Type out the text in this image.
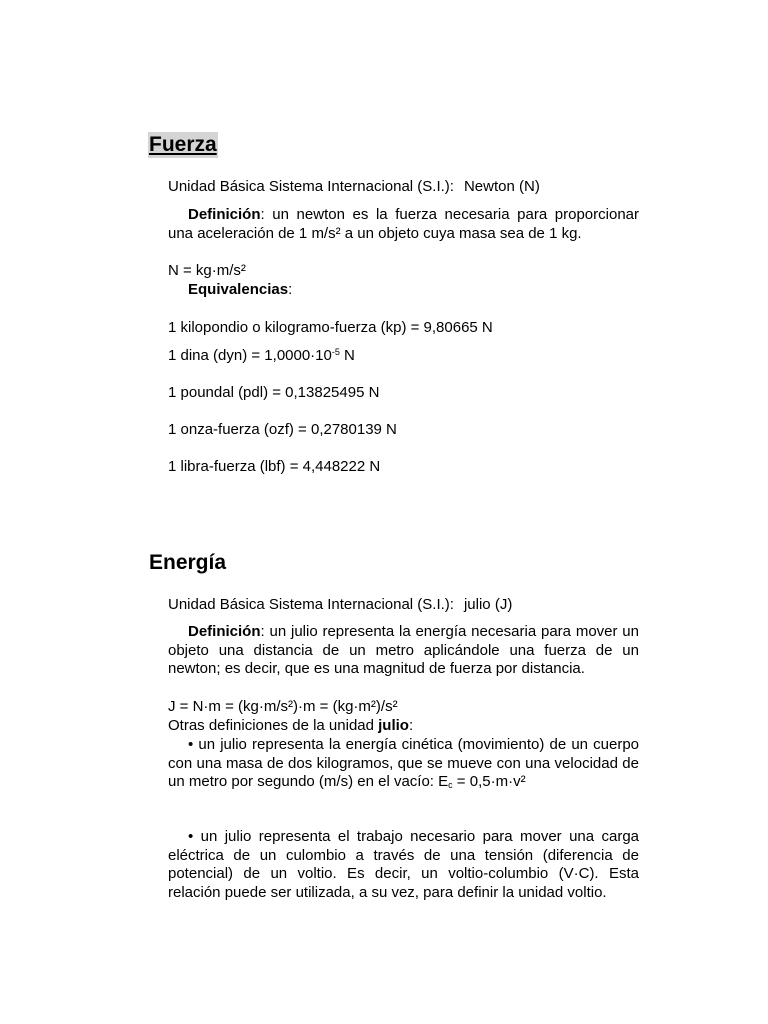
Fuerza
Unidad Básica Sistema Internacional (S.I.): Newton (N)

Definición: un newton es la fuerza necesaria para proporcionar una aceleración de 1 m/s² a un objeto cuya masa sea de 1 kg.

N = kg·m/s²
Equivalencias:
1 kilopondio o kilogramo-fuerza (kp) = 9,80665 N
1 dina $(dyn) = 1,0000\cdot 10^{-5}$ N
1 poundal (pdl) = 0,13825495 N
1 onza-fuerza (ozf) = 0,2780139 N
1 libra-fuerza (lbf) = 4,448222 N
Energía
Unidad Básica Sistema Internacional (S.I.): julio (J)

Definición: un julio representa la energía necesaria para mover un objeto una distancia de un metro aplicándole una fuerza de un newton; es decir, que es una magnitud de fuerza por distancia.

J = N·m = (kg·m/s²)·m = (kg·m²)/s²
Otras definiciones de la unidad julio:

• un julio representa la energía cinética (movimiento) de un cuerpo con una masa de dos kilogramos, que se mueve con una velocidad de un metro por segundo (m/s) en el vacío: $E_c = 0,5\cdot m\cdot v^2$

• un julio representa el trabajo necesario para mover una carga eléctrica de un culombio a través de una tensión (diferencia de potencial) de un voltio. Es decir, un voltio-columbio (V·C). Esta relación puede ser utilizada, a su vez, para definir la unidad voltio.
